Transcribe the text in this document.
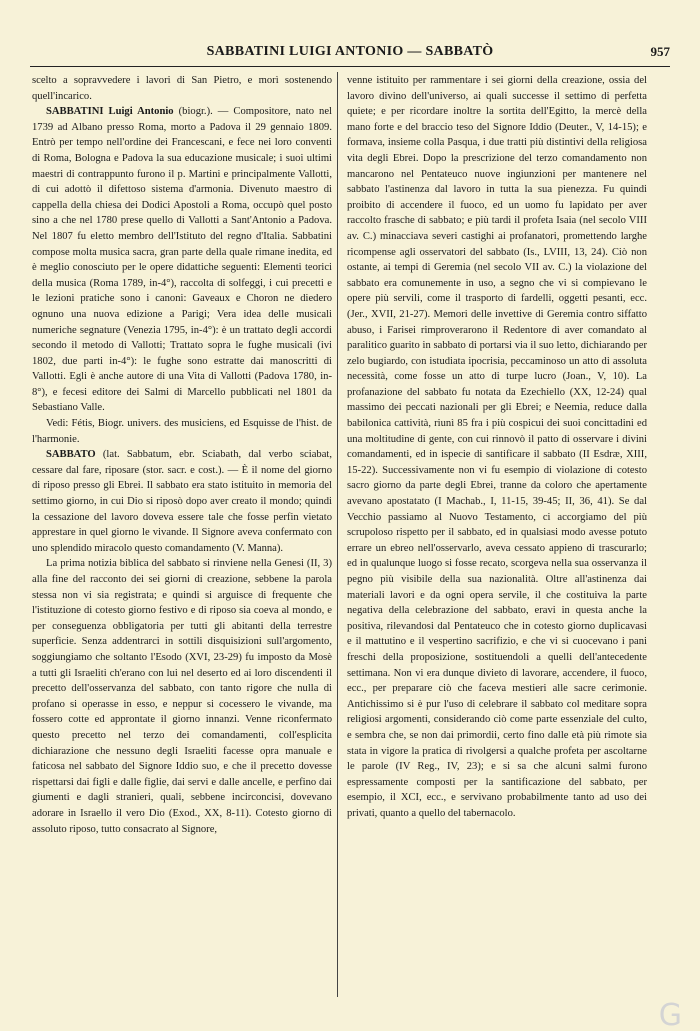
SABBATINI LUIGI ANTONIO — SABBATÒ	957

scelto a sopravvedere i lavori di San Pietro, e morì sostenendo quell'incarico.

SABBATINI Luigi Antonio (biogr.). — Compositore, nato nel 1739 ad Albano presso Roma, morto a Padova il 29 gennaio 1809. Entrò per tempo nell'ordine dei Francescani, e fece nei loro conventi di Roma, Bologna e Padova la sua educazione musicale; i suoi ultimi maestri di contrappunto furono il p. Martini e principalmente Vallotti, di cui adottò il difettoso sistema d'armonia. Divenuto maestro di cappella della chiesa dei Dodici Apostoli a Roma, occupò quel posto sino a che nel 1780 prese quello di Vallotti a Sant'Antonio a Padova. Nel 1807 fu eletto membro dell'Istituto del regno d'Italia. Sabbatini compose molta musica sacra, gran parte della quale rimane inedita, ed è meglio conosciuto per le opere didattiche seguenti: Elementi teorici della musica (Roma 1789, in-4°), raccolta di solfeggi, i cui precetti e le lezioni pratiche sono i canoni: Gaveaux e Choron ne diedero ognuno una nuova edizione a Parigi; Vera idea delle musicali numeriche segnature (Venezia 1795, in-4°): è un trattato degli accordi secondo il metodo di Vallotti; Trattato sopra le fughe musicali (ivi 1802, due parti in-4°): le fughe sono estratte dai manoscritti di Vallotti. Egli è anche autore di una Vita di Vallotti (Padova 1780, in-8°), e fecesi editore dei Salmi di Marcello pubblicati nel 1801 da Sebastiano Valle.

Vedi: Fétis, Biogr. univers. des musiciens, ed Esquisse de l'hist. de l'harmonie.

SABBATO (lat. Sabbatum, ebr. Sciabath, dal verbo sciabat, cessare dal fare, riposare (stor. sacr. e cost.). — È il nome del giorno di riposo presso gli Ebrei. Il sabbato era stato istituito in memoria del settimo giorno, in cui Dio si riposò dopo aver creato il mondo; quindi la cessazione del lavoro doveva essere tale che fosse perfin vietato apprestare in quel giorno le vivande. Il Signore aveva confermato con uno splendido miracolo questo comandamento (V. Manna).

La prima notizia biblica del sabbato si rinviene nella Genesi (II, 3) alla fine del racconto dei sei giorni di creazione, sebbene la parola stessa non vi sia registrata; e quindi si arguisce di frequente che l'istituzione di cotesto giorno festivo e di riposo sia coeva al mondo, e per conseguenza obbligatoria per tutti gli abitanti della terrestre superficie. Senza addentrarci in sottili disquisizioni sull'argomento, soggiungiamo che soltanto l'Esodo (XVI, 23-29) fu imposto da Mosè a tutti gli Israeliti ch'erano con lui nel deserto ed ai loro discendenti il precetto dell'osservanza del sabbato, con tanto rigore che nulla di profano si operasse in esso, e neppur si cocessero le vivande, ma fossero cotte ed approntate il giorno innanzi. Venne riconfermato questo precetto nel terzo dei comandamenti, coll'esplicita dichiarazione che nessuno degli Israeliti facesse opra manuale e faticosa nel sabbato del Signore Iddio suo, e che il precetto dovesse rispettarsi dai figli e dalle figlie, dai servi e dalle ancelle, e perfino dai giumenti e dagli stranieri, quali, sebbene incirconcisi, dovevano adorare in Israello il vero Dio (Exod., XX, 8-11). Cotesto giorno di assoluto riposo, tutto consacrato al Signore,

venne istituito per rammentare i sei giorni della creazione, ossia del lavoro divino dell'universo, ai quali successe il settimo di perfetta quiete; e per ricordare inoltre la sortita dell'Egitto, la mercè della mano forte e del braccio teso del Signore Iddio (Deuter., V, 14-15); e formava, insieme colla Pasqua, i due tratti più distintivi della religiosa vita degli Ebrei. Dopo la prescrizione del terzo comandamento non mancarono nel Pentateuco nuove ingiunzioni per mantenere nel sabbato l'astinenza dal lavoro in tutta la sua pienezza. Fu quindi proibito di accendere il fuoco, ed un uomo fu lapidato per aver raccolto frasche di sabbato; e più tardi il profeta Isaia (nel secolo VIII av. C.) minacciava severi castighi ai profanatori, promettendo larghe ricompense agli osservatori del sabbato (Is., LVIII, 13, 24). Ciò non ostante, ai tempi di Geremia (nel secolo VII av. C.) la violazione del sabbato era comunemente in uso, a segno che vi si compievano le opere più servili, come il trasporto di fardelli, oggetti pesanti, ecc. (Jer., XVII, 21-27). Memori delle invettive di Geremia contro siffatto abuso, i Farisei rimproverarono il Redentore di aver comandato al paralitico guarito in sabbato di portarsi via il suo letto, dichiarando per zelo bugiardo, con istudiata ipocrisia, peccaminoso un atto di assoluta necessità, come fosse un atto di turpe lucro (Joan., V, 10). La profanazione del sabbato fu notata da Ezechiello (XX, 12-24) qual massimo dei peccati nazionali per gli Ebrei; e Neemia, reduce dalla babilonica cattività, riunì 85 fra i più cospicui dei suoi concittadini ed una moltitudine di gente, con cui rinnovò il patto di osservare i divini comandamenti, ed in ispecie di santificare il sabbato (II Esdræ, XIII, 15-22). Successivamente non vi fu esempio di violazione di cotesto sacro giorno da parte degli Ebrei, tranne da coloro che apertamente avevano apostatato (I Machab., I, 11-15, 39-45; II, 36, 41). Se dal Vecchio passiamo al Nuovo Testamento, ci accorgiamo del più scrupoloso rispetto per il sabbato, ed in qualsiasi modo avesse potuto errare un ebreo nell'osservarlo, aveva cessato appieno di trascurarlo; ed in qualunque luogo si fosse recato, scorgeva nella sua osservanza il pegno più visibile della sua nazionalità. Oltre all'astinenza dai materiali lavori e da ogni opera servile, il che costituiva la parte negativa della celebrazione del sabbato, eravi in questa anche la positiva, rilevandosi dal Pentateuco che in cotesto giorno duplicavasi e il mattutino e il vespertino sacrifizio, e che vi si cuocevano i pani freschi della proposizione, sostituendoli a quelli dell'antecedente settimana. Non vi era dunque divieto di lavorare, accendere, il fuoco, ecc., per preparare ciò che faceva mestieri alle sacre cerimonie. Antichissimo si è pur l'uso di celebrare il sabbato col meditare sopra religiosi argomenti, considerando ciò come parte essenziale del culto, e sembra che, se non dai primordii, certo fino dalle età più rimote sia stata in vigore la pratica di rivolgersi a qualche profeta per ascoltarne le parole (IV Reg., IV, 23); e si sa che alcuni salmi furono espressamente composti per la santificazione del sabbato, per esempio, il XCI, ecc., e servivano probabilmente tanto ad uso dei privati, quanto a quello del tabernacolo.

G
